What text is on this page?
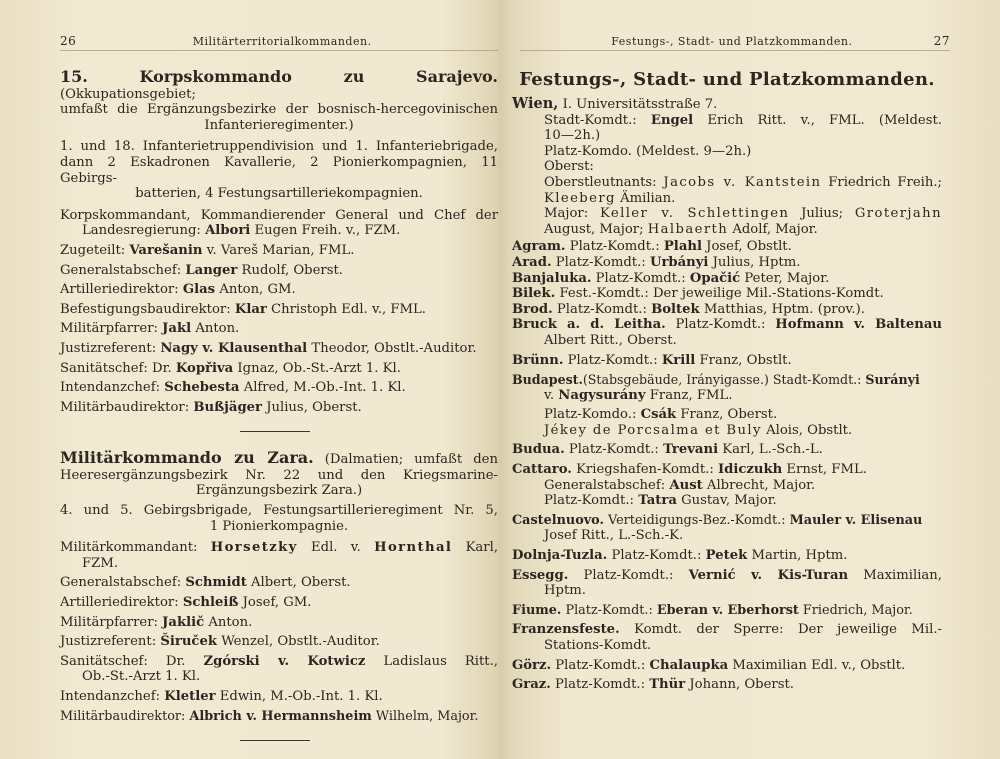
26	Militärterritorialkommanden.
15. Korpskommando zu Sarajevo. (Okkupationsgebiet;
umfaßt die Ergänzungsbezirke der bosnisch-hercegovinischen
Infanterieregimenter.)
1. und 18. Infanterietruppendivision und 1. Infanteriebrigade,
dann 2 Eskadronen Kavallerie, 2 Pionierkompagnien, 11 Gebirgs-
batterien, 4 Festungsartilleriekompagnien.
Korpskommandant, Kommandierender General und Chef der
Landesregierung: Albori Eugen Freih. v., FZM.
Zugeteilt: Varešanin v. Vareš Marian, FML.
Generalstabschef: Langer Rudolf, Oberst.
Artilleriedirektor: Glas Anton, GM.
Befestigungsbaudirektor: Klar Christoph Edl. v., FML.
Militärpfarrer: Jakl Anton.
Justizreferent: Nagy v. Klausenthal Theodor, Obstlt.-Auditor.
Sanitätschef: Dr. Kopřiva Ignaz, Ob.-St.-Arzt 1. Kl.
Intendanzchef: Schebesta Alfred, M.-Ob.-Int. 1. Kl.
Militärbaudirektor: Bußjäger Julius, Oberst.
Militärkommando zu Zara. (Dalmatien; umfaßt den
Heeresergänzungsbezirk Nr. 22 und den Kriegsmarine-
Ergänzungsbezirk Zara.)
4. und 5. Gebirgsbrigade, Festungsartillerieregiment Nr. 5,
1 Pionierkompagnie.
Militärkommandant: Horsetzky Edl. v. Hornthal Karl,
FZM.
Generalstabschef: Schmidt Albert, Oberst.
Artilleriedirektor: Schleiß Josef, GM.
Militärpfarrer: Jaklič Anton.
Justizreferent: Širuček Wenzel, Obstlt.-Auditor.
Sanitätschef: Dr. Zgórski v. Kotwicz Ladislaus Ritt.,
Ob.-St.-Arzt 1. Kl.
Intendanzchef: Kletler Edwin, M.-Ob.-Int. 1. Kl.
Militärbaudirektor: Albrich v. Hermannsheim Wilhelm, Major.
Festungs-, Stadt- und Platzkommanden.	27
Festungs-, Stadt- und Platzkommanden.
Wien, I. Universitätsstraße 7.
Stadt-Komdt.: Engel Erich Ritt. v., FML. (Meldest.
10—2h.)
Platz-Komdo. (Meldest. 9—2h.)
Oberst:
Oberstleutnants: Jacobs v. Kantstein Friedrich Freih.;
Kleeberg Ämilian.
Major: Keller v. Schlettingen Julius; Groterjahn
August, Major; Halbaerth Adolf, Major.
Agram. Platz-Komdt.: Plahl Josef, Obstlt.
Arad. Platz-Komdt.: Urbányi Julius, Hptm.
Banjaluka. Platz-Komdt.: Opačić Peter, Major.
Bilek. Fest.-Komdt.: Der jeweilige Mil.-Stations-Komdt.
Brod. Platz-Komdt.: Boltek Matthias, Hptm. (prov.).
Bruck a. d. Leitha. Platz-Komdt.: Hofmann v. Baltenau
Albert Ritt., Oberst.
Brünn. Platz-Komdt.: Krill Franz, Obstlt.
Budapest.(Stabsgebäude, Irányigasse.) Stadt-Komdt.: Surányi
v. Nagysurány Franz, FML.
Platz-Komdo.: Csák Franz, Oberst.
Jékey de Porcsalma et Buly Alois, Obstlt.
Budua. Platz-Komdt.: Trevani Karl, L.-Sch.-L.
Cattaro. Kriegshafen-Komdt.: Idiczukh Ernst, FML.
Generalstabschef: Aust Albrecht, Major.
Platz-Komdt.: Tatra Gustav, Major.
Castelnuovo. Verteidigungs-Bez.-Komdt.: Mauler v. Elisenau
Josef Ritt., L.-Sch.-K.
Dolnja-Tuzla. Platz-Komdt.: Petek Martin, Hptm.
Essegg. Platz-Komdt.: Vernić v. Kis-Turan Maximilian,
Hptm.
Fiume. Platz-Komdt.: Eberan v. Eberhorst Friedrich, Major.
Franzensfeste. Komdt. der Sperre: Der jeweilige Mil.-
Stations-Komdt.
Görz. Platz-Komdt.: Chalaupka Maximilian Edl. v., Obstlt.
Graz. Platz-Komdt.: Thür Johann, Oberst.
